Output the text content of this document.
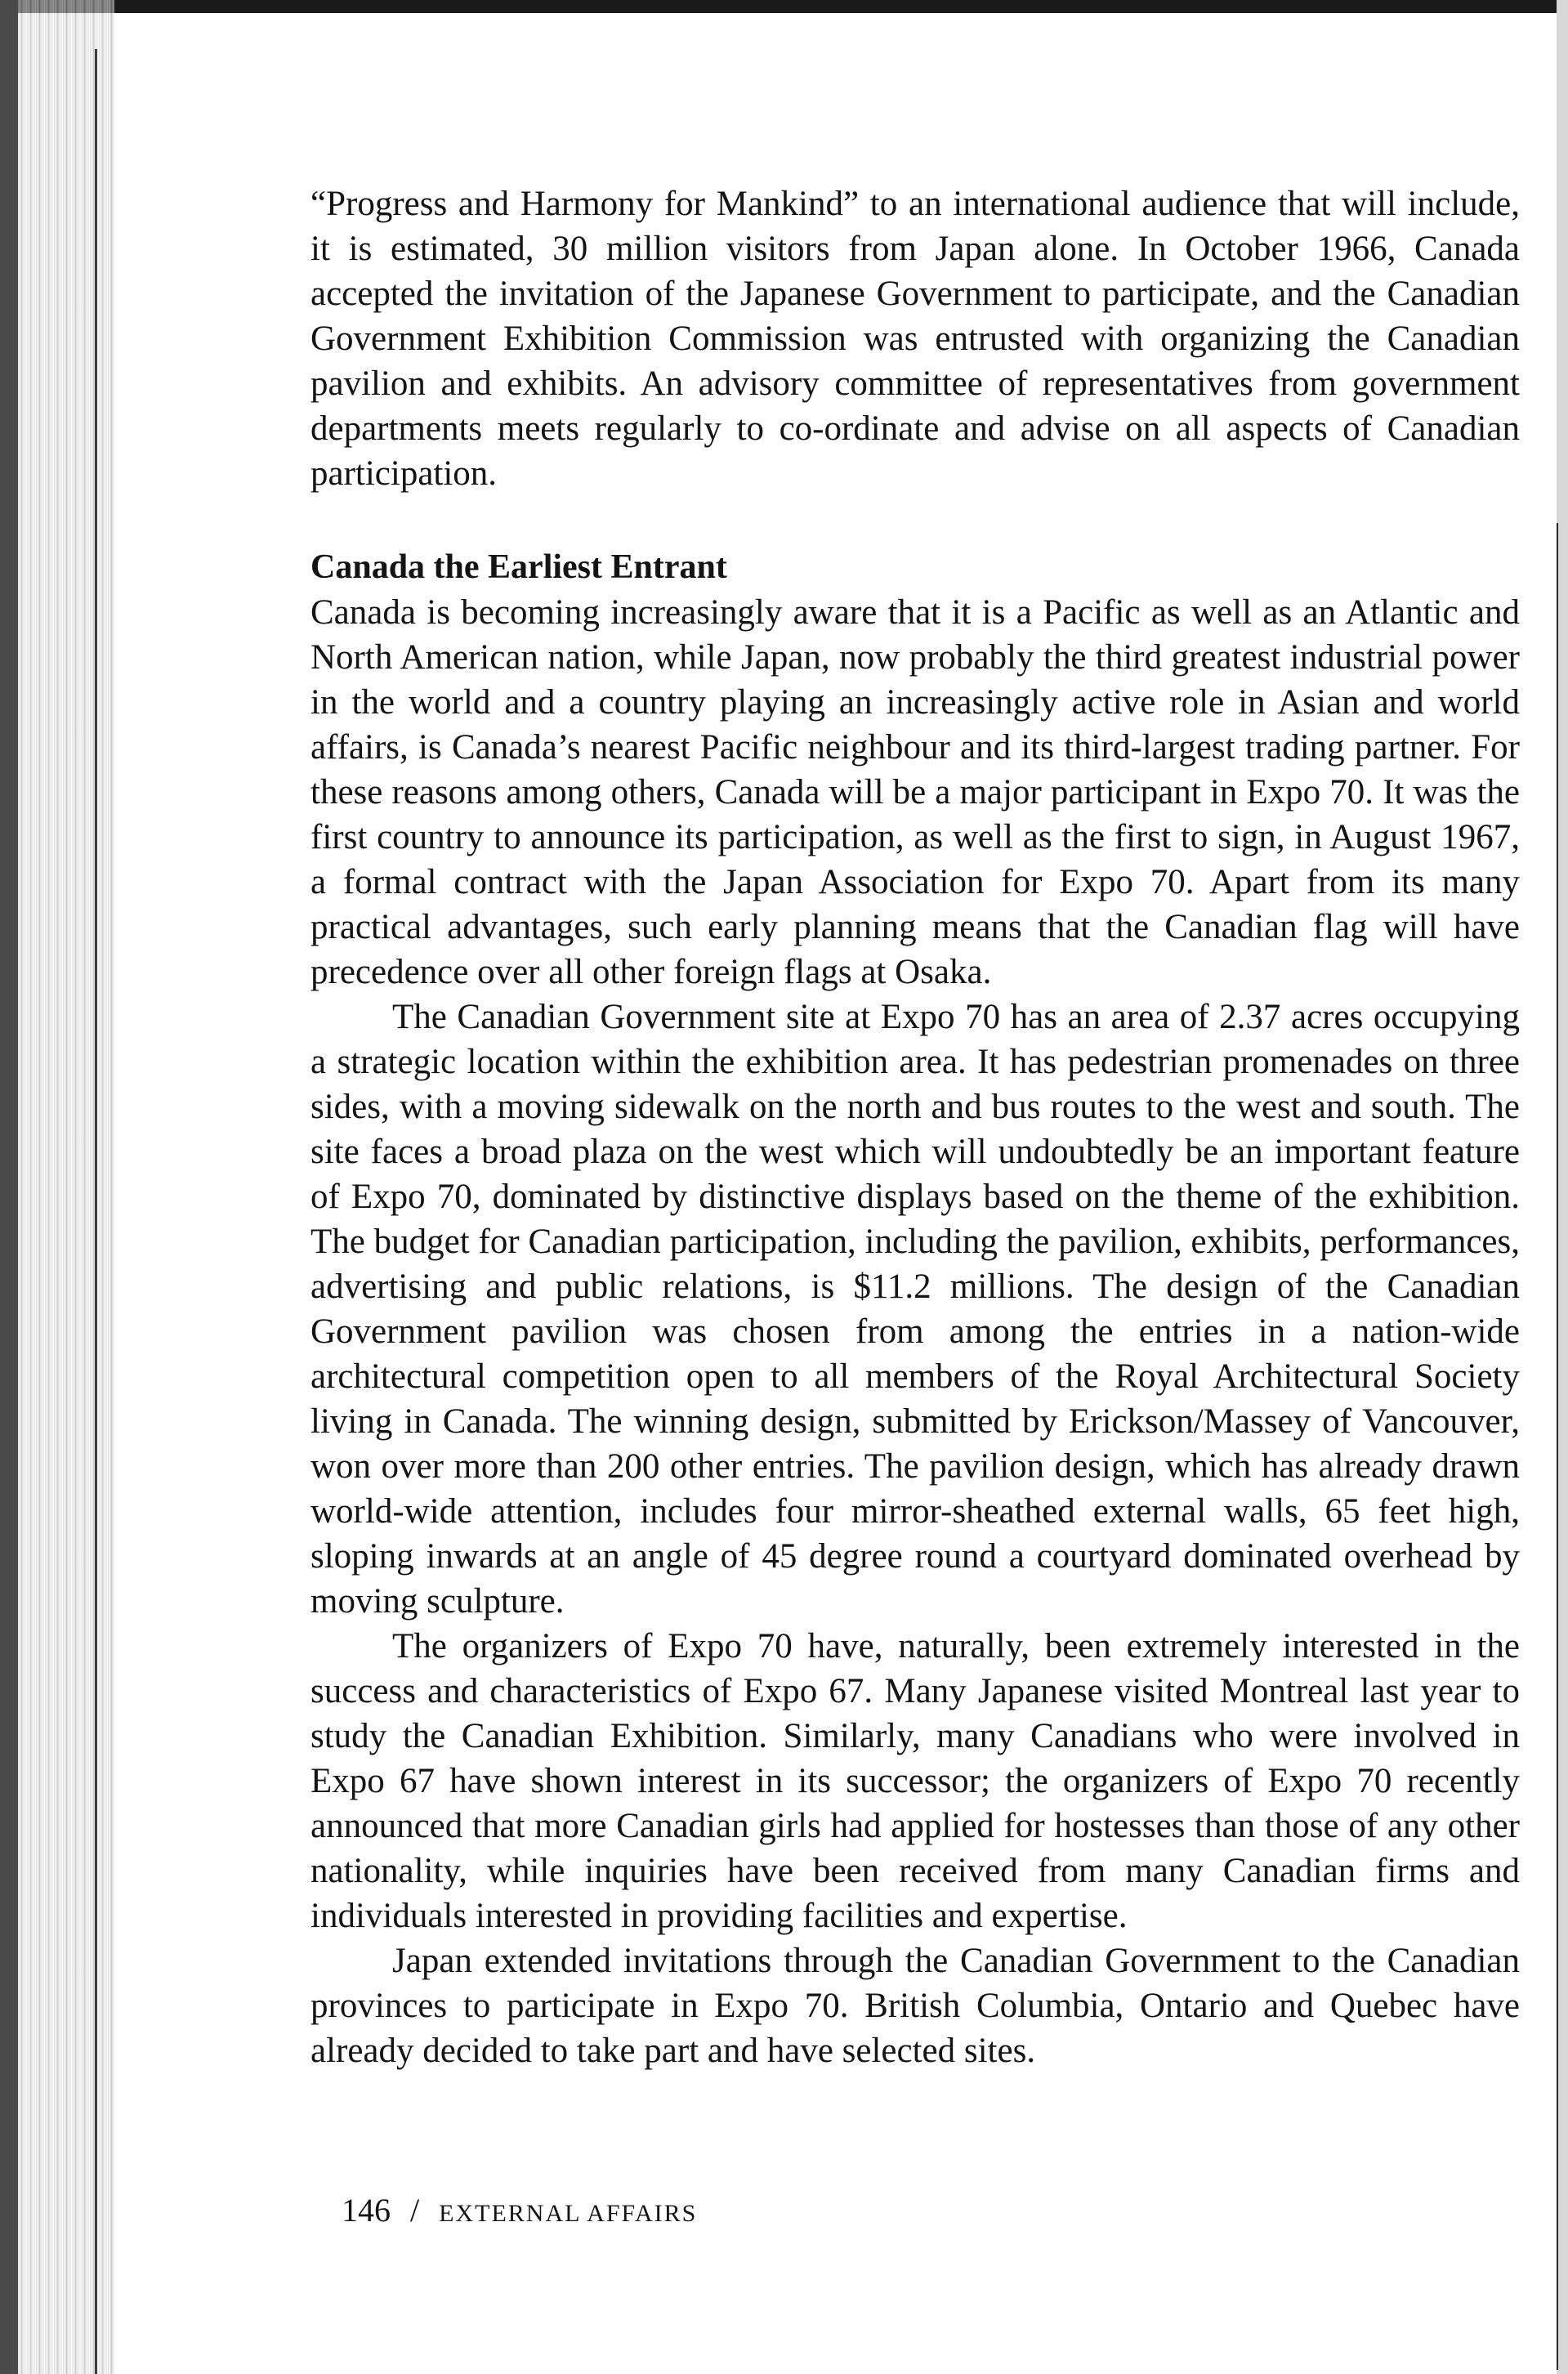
“Progress and Harmony for Mankind” to an international audience that will include, it is estimated, 30 million visitors from Japan alone. In October 1966, Canada accepted the invitation of the Japanese Government to participate, and the Canadian Government Exhibition Commission was entrusted with organizing the Canadian pavilion and exhibits. An advisory committee of representatives from government departments meets regularly to co-ordinate and advise on all aspects of Canadian participation.

Canada the Earliest Entrant

Canada is becoming increasingly aware that it is a Pacific as well as an Atlantic and North American nation, while Japan, now probably the third greatest industrial power in the world and a country playing an increasingly active role in Asian and world affairs, is Canada’s nearest Pacific neighbour and its third-largest trading partner. For these reasons among others, Canada will be a major participant in Expo 70. It was the first country to announce its participation, as well as the first to sign, in August 1967, a formal contract with the Japan Association for Expo 70. Apart from its many practical advantages, such early planning means that the Canadian flag will have precedence over all other foreign flags at Osaka.

The Canadian Government site at Expo 70 has an area of 2.37 acres occupying a strategic location within the exhibition area. It has pedestrian promenades on three sides, with a moving sidewalk on the north and bus routes to the west and south. The site faces a broad plaza on the west which will undoubtedly be an important feature of Expo 70, dominated by distinctive displays based on the theme of the exhibition. The budget for Canadian participation, including the pavilion, exhibits, performances, advertising and public relations, is $11.2 millions. The design of the Canadian Government pavilion was chosen from among the entries in a nation-wide architectural competition open to all members of the Royal Architectural Society living in Canada. The winning design, submitted by Erickson/Massey of Vancouver, won over more than 200 other entries. The pavilion design, which has already drawn world-wide attention, includes four mirror-sheathed external walls, 65 feet high, sloping inwards at an angle of 45 degree round a courtyard dominated overhead by moving sculpture.

The organizers of Expo 70 have, naturally, been extremely interested in the success and characteristics of Expo 67. Many Japanese visited Montreal last year to study the Canadian Exhibition. Similarly, many Canadians who were involved in Expo 67 have shown interest in its successor; the organizers of Expo 70 recently announced that more Canadian girls had applied for hostesses than those of any other nationality, while inquiries have been received from many Canadian firms and individuals interested in providing facilities and expertise.

Japan extended invitations through the Canadian Government to the Canadian provinces to participate in Expo 70. British Columbia, Ontario and Quebec have already decided to take part and have selected sites.

146 / EXTERNAL AFFAIRS
